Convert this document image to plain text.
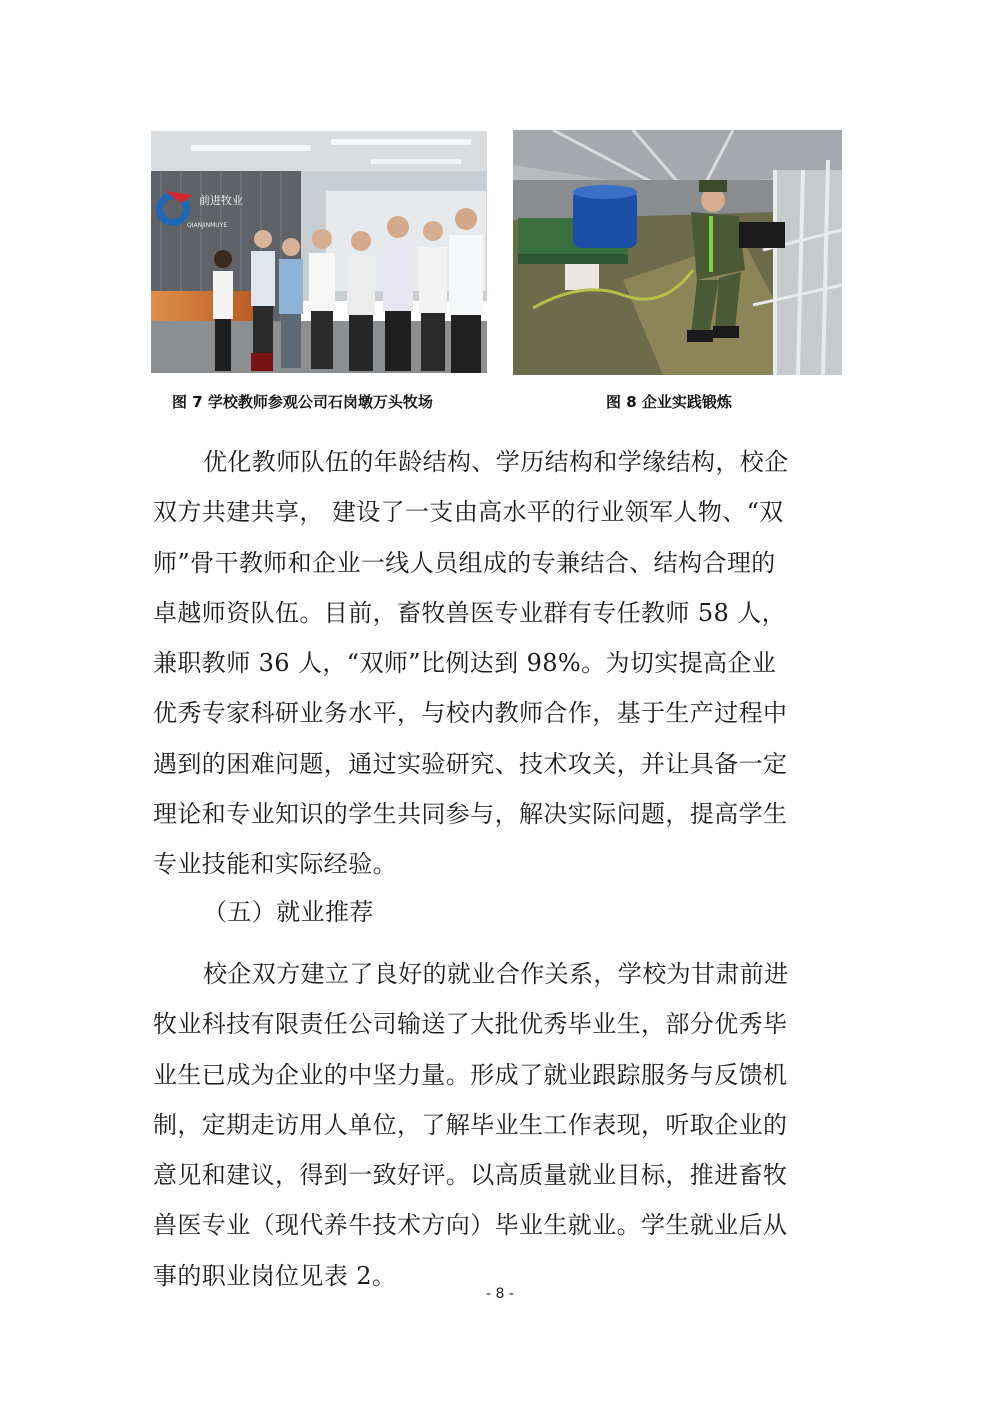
前进牧业
QIANJINMUYE
图 7 学校教师参观公司石岗墩万头牧场	图 8 企业实践锻炼
优化教师队伍的年龄结构、学历结构和学缘结构，校企
双方共建共享， 建设了一支由高水平的行业领军人物、“双
师”骨干教师和企业一线人员组成的专兼结合、结构合理的
卓越师资队伍。目前，畜牧兽医专业群有专任教师 58 人，
兼职教师 36 人，“双师”比例达到 98%。为切实提高企业
优秀专家科研业务水平，与校内教师合作，基于生产过程中
遇到的困难问题，通过实验研究、技术攻关，并让具备一定
理论和专业知识的学生共同参与，解决实际问题，提高学生
专业技能和实际经验。
（五）就业推荐
校企双方建立了良好的就业合作关系，学校为甘肃前进
牧业科技有限责任公司输送了大批优秀毕业生，部分优秀毕
业生已成为企业的中坚力量。形成了就业跟踪服务与反馈机
制，定期走访用人单位，了解毕业生工作表现，听取企业的
意见和建议，得到一致好评。以高质量就业目标，推进畜牧
兽医专业（现代养牛技术方向）毕业生就业。学生就业后从
事的职业岗位见表 2。
- 8 -
